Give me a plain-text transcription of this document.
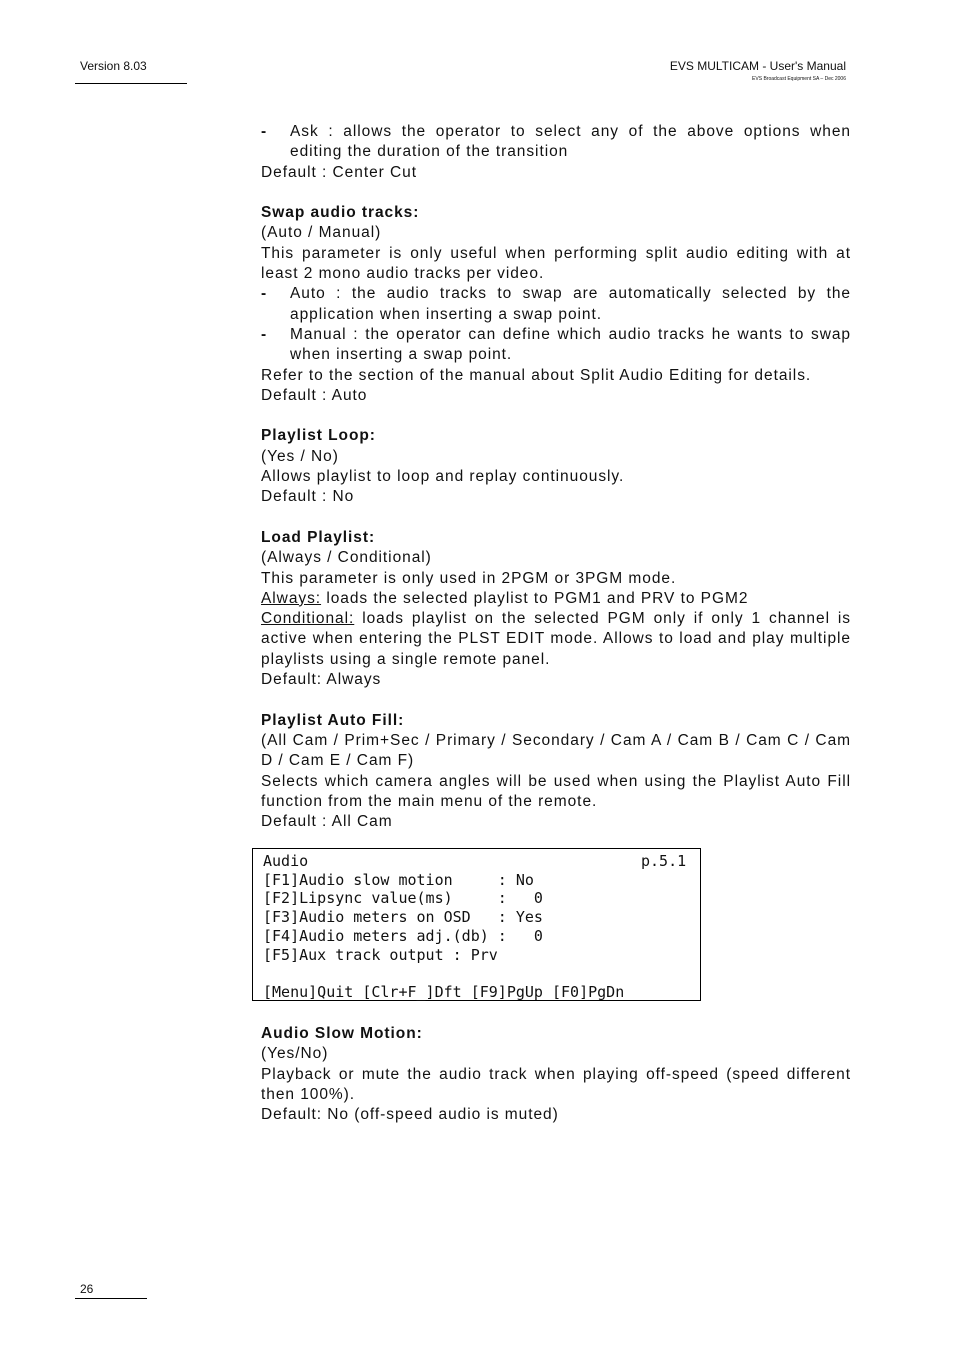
Version 8.03	EVS MULTICAM - User's Manual
EVS Broadcast Equipment SA – Dec 2006
- Ask : allows the operator to select any of the above options when editing the duration of the transition

Default : Center Cut

Swap audio tracks:

(Auto / Manual)

This parameter is only useful when performing split audio editing with at least 2 mono audio tracks per video.

- Auto : the audio tracks to swap are automatically selected by the application when inserting a swap point.
- Manual : the operator can define which audio tracks he wants to swap when inserting a swap point.

Refer to the section of the manual about Split Audio Editing for details.

Default : Auto

Playlist Loop:

(Yes / No)

Allows playlist to loop and replay continuously.

Default : No

Load Playlist:

(Always / Conditional)

This parameter is only used in 2PGM or 3PGM mode.

Always: loads the selected playlist to PGM1 and PRV to PGM2

Conditional: loads playlist on the selected PGM only if only 1 channel is active when entering the PLST EDIT mode. Allows to load and play multiple playlists using a single remote panel.

Default: Always

Playlist Auto Fill:

(All Cam / Prim+Sec / Primary / Secondary / Cam A / Cam B / Cam C / Cam D / Cam E / Cam F)

Selects which camera angles will be used when using the Playlist Auto Fill function from the main menu of the remote.

Default : All Cam

Audio	p.5.1
[F1]Audio slow motion     : No
[F2]Lipsync value(ms)     :   0
[F3]Audio meters on OSD   : Yes
[F4]Audio meters adj.(db) :   0
[F5]Aux track output : Prv

[Menu]Quit [Clr+F_]Dft [F9]PgUp [F0]PgDn

Audio Slow Motion:

(Yes/No)

Playback or mute the audio track when playing off-speed (speed different then 100%).

Default: No (off-speed audio is muted)

26
